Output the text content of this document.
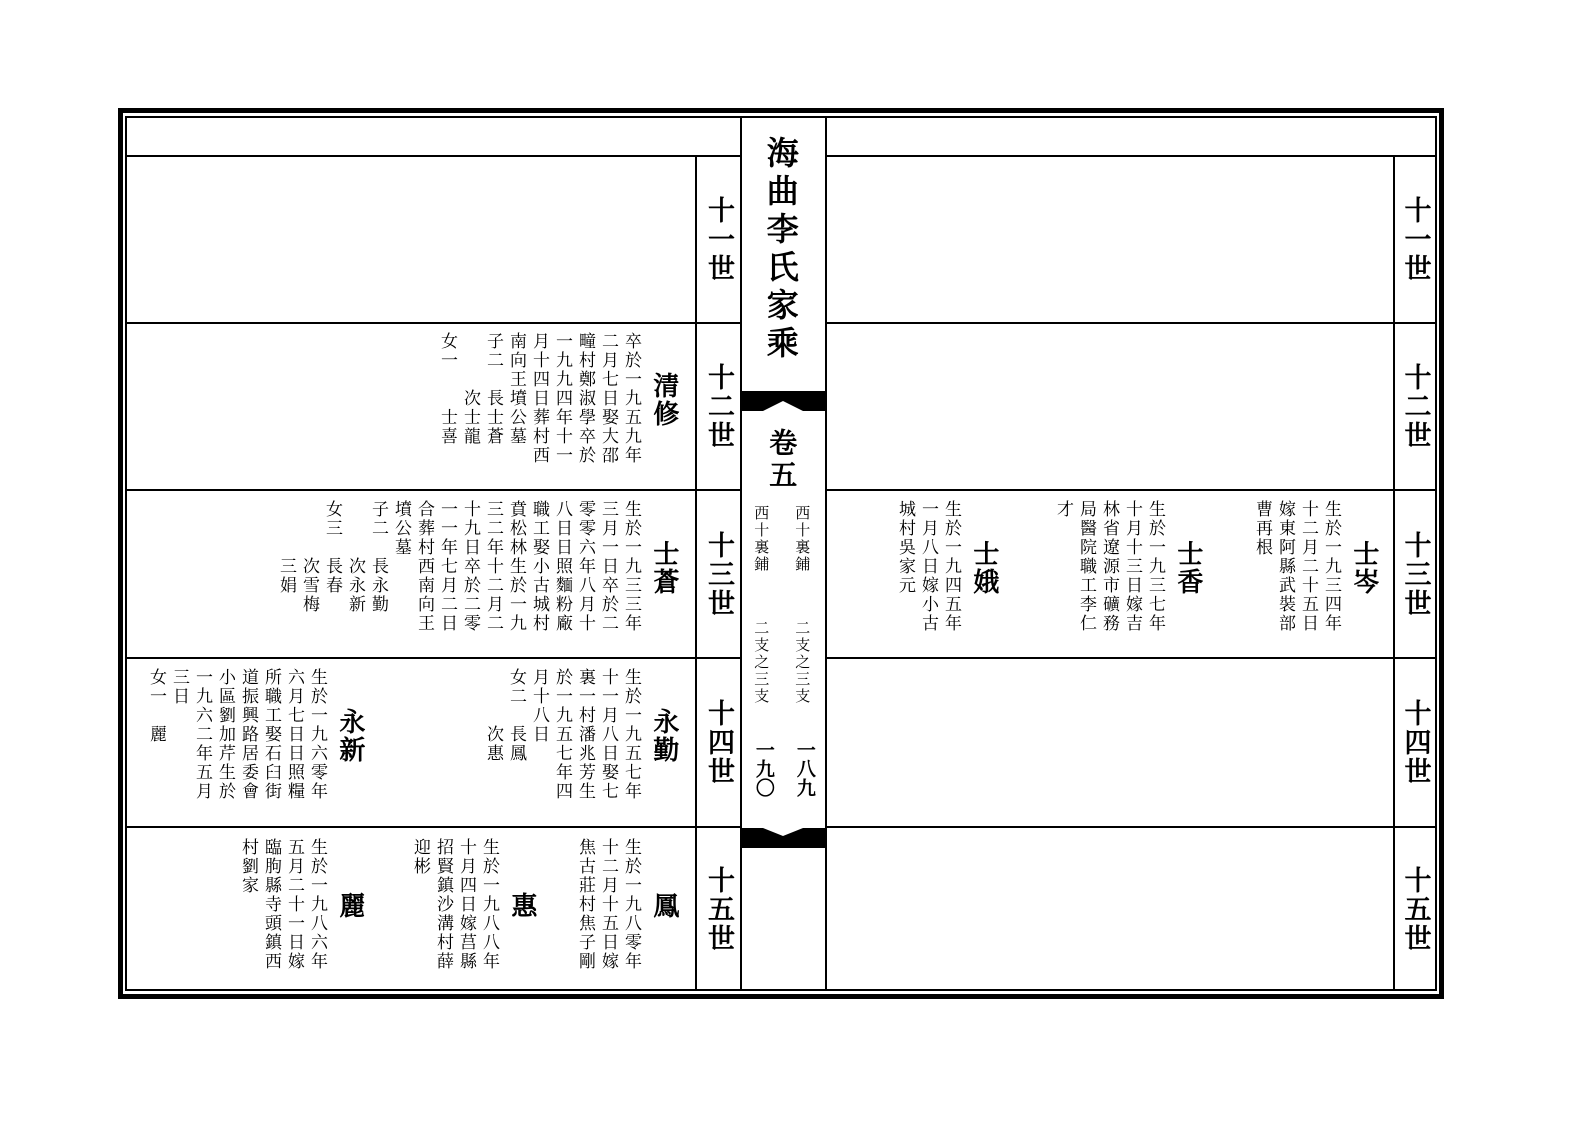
海曲李氏家乘
卷五
西十裏鋪
二支之三支
一八九
西十裏鋪
二支之三支
一九〇
十一世
十二世
十三世
十四世
十五世
十一世
十二世
十三世
十四世
十五世
清修
卒於一九五九年
二月七日娶大邵
疃村鄭淑學卒於
一九九四年十一
月十四日葬村西
南向王墳公墓
子二　長士蒼
　　　次士龍
女一　　士喜
士蒼
生於一九三三年
三月一日卒於二
零零六年八月十
八日日照麵粉廠
職工娶小古城村
賁松林生於一九
三二年十二月二
十九日卒於二零
一一年七月二日
合葬村西南向王
墳公墓
子二　長永勤
　　　次永新
女三　長春
　　　次雪梅
　　　三娟
永勤
生於一九五七年
十一月八日娶七
裏一村潘兆芳生
於一九五七年四
月十八日
女二　長鳳
　　　次惠
永新
生於一九六零年
六月七日日照糧
所職工娶石臼街
道振興路居委會
小區劉加芹生於
一九六二年五月
三日
女一　麗
鳳
生於一九八零年
十二月十五日嫁
焦古莊村焦子剛
惠
生於一九八八年
十月四日嫁莒縣
招賢鎮沙溝村薛
迎彬
麗
生於一九八六年
五月二十一日嫁
臨朐縣寺頭鎮西
村劉家
士岑
生於一九三四年
十二月二十五日
嫁東阿縣武裝部
曹再根
士香
生於一九三七年
十月十三日嫁吉
林省遼源市礦務
局醫院職工李仁
才
士娥
生於一九四五年
一月八日嫁小古
城村吳家元
